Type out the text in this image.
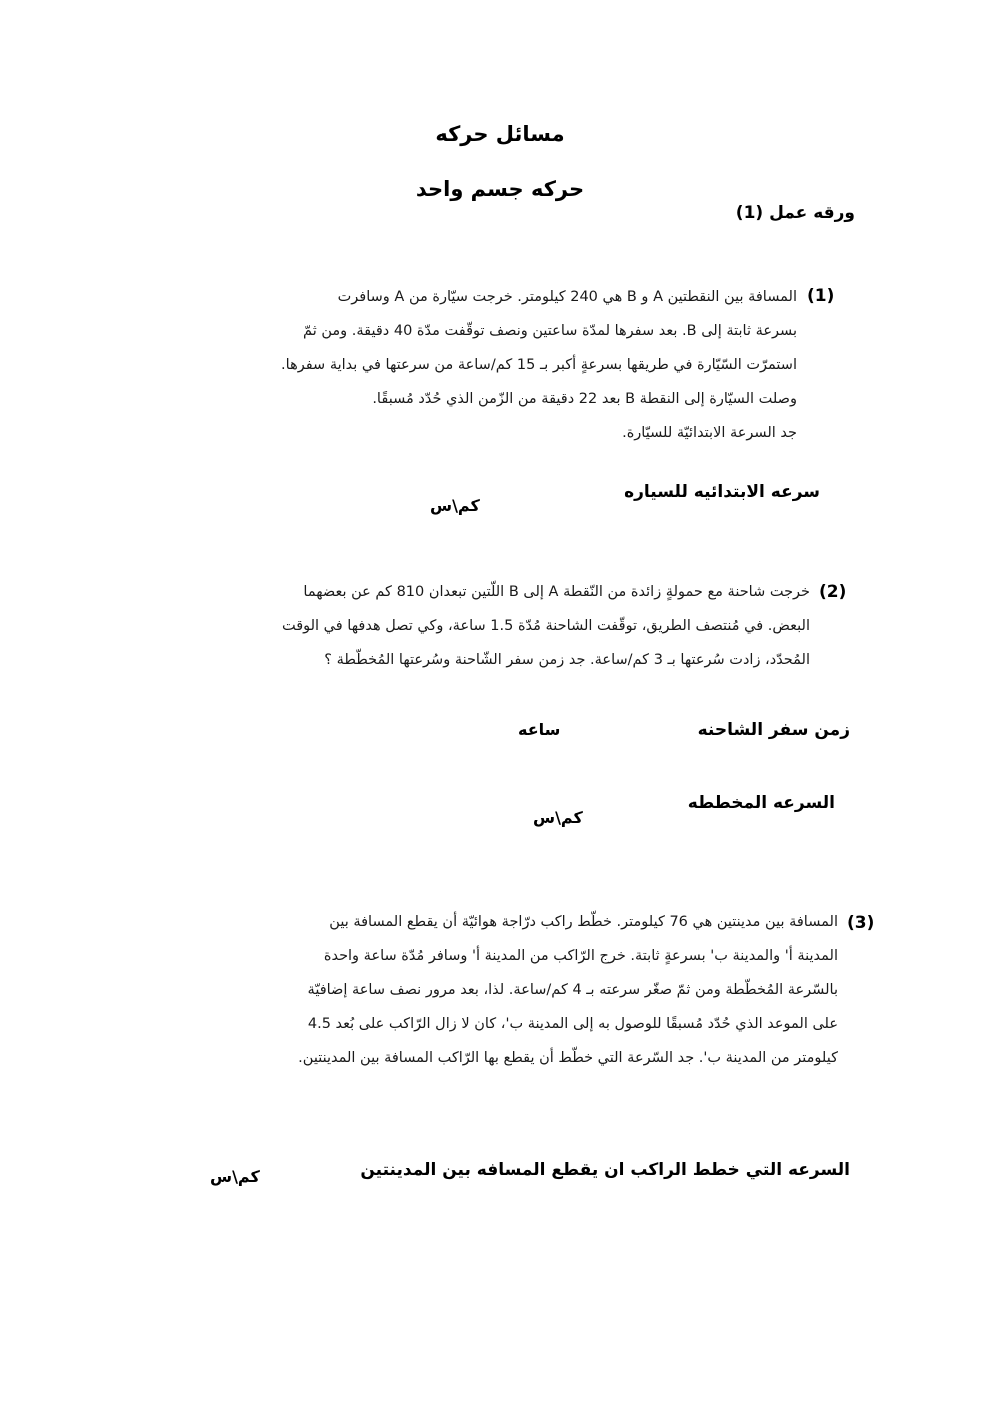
مسائل حركه
حركه جسم واحد
ورقه عمل (1)
(1)
المسافة بين النقطتين A و B هي 240 كيلومتر. خرجت سيّارة من A وسافرت
بسرعة ثابتة إلى B. بعد سفرها لمدّة ساعتين ونصف توقّفت مدّة 40 دقيقة. ومن ثمّ
استمرّت السّيّارة في طريقها بسرعةٍ أكبر بـ 15 كم/ساعة من سرعتها في بداية سفرها.
وصلت السيّارة إلى النقطة B بعد 22 دقيقة من الزّمن الذي حُدّد مُسبقًا.
جد السرعة الابتدائيّة للسيّارة.
سرعه الابتدائيه للسياره
كم\س
(2)
خرجت شاحنة مع حمولةٍ زائدة من النّقطة A إلى B اللّتين تبعدان 810 كم عن بعضهما
البعض. في مُنتصف الطريق، توقّفت الشاحنة مُدّة 1.5 ساعة، وكي تصل هدفها في الوقت
المُحدّد، زادت سُرعتها بـ 3 كم/ساعة. جد زمن سفر الشّاحنة وسُرعتها المُخطّطة ؟
زمن سفر الشاحنه
ساعه
السرعه المخططه
كم\س
(3)
المسافة بين مدينتين هي 76 كيلومتر. خطّط راكب درّاجة هوائيّة أن يقطع المسافة بين
المدينة أ' والمدينة ب' بسرعةٍ ثابتة. خرج الرّاكب من المدينة أ' وسافر مُدّة ساعة واحدة
بالسّرعة المُخطّطة ومن ثمّ صغّر سرعته بـ 4 كم/ساعة. لذا، بعد مرور نصف ساعة إضافيّة
على الموعد الذي حُدّد مُسبقًا للوصول به إلى المدينة ب'، كان لا زال الرّاكب على بُعد 4.5
كيلومتر من المدينة ب'. جد السّرعة التي خطّط أن يقطع بها الرّاكب المسافة بين المدينتين.
السرعه التي خطط الراكب ان يقطع المسافه بين المدينتين
كم\س
